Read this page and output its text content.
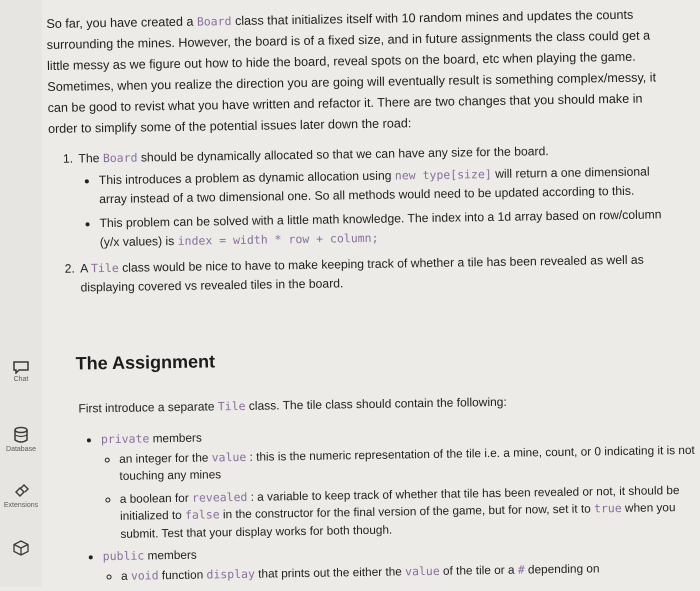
Chat
Database
Extensions

So far, you have created a Board class that initializes itself with 10 random mines and updates the counts surrounding the mines. However, the board is of a fixed size, and in future assignments the class could get a little messy as we figure out how to hide the board, reveal spots on the board, etc when playing the game. Sometimes, when you realize the direction you are going will eventually result is something complex/messy, it can be good to revist what you have written and refactor it. There are two changes that you should make in order to simplify some of the potential issues later down the road:

1. The Board should be dynamically allocated so that we can have any size for the board.
• This introduces a problem as dynamic allocation using new type[size] will return a one dimensional array instead of a two dimensional one. So all methods would need to be updated according to this.
• This problem can be solved with a little math knowledge. The index into a 1d array based on row/column (y/x values) is index = width * row + column;
2. A Tile class would be nice to have to make keeping track of whether a tile has been revealed as well as displaying covered vs revealed tiles in the board.
The Assignment

First introduce a separate Tile class. The tile class should contain the following:

• private members
◦ an integer for the value : this is the numeric representation of the tile i.e. a mine, count, or 0 indicating it is not touching any mines
◦ a boolean for revealed : a variable to keep track of whether that tile has been revealed or not, it should be initialized to false in the constructor for the final version of the game, but for now, set it to true when you submit. Test that your display works for both though.
• public members
◦ a void function display that prints out the either the value of the tile or a # depending on
